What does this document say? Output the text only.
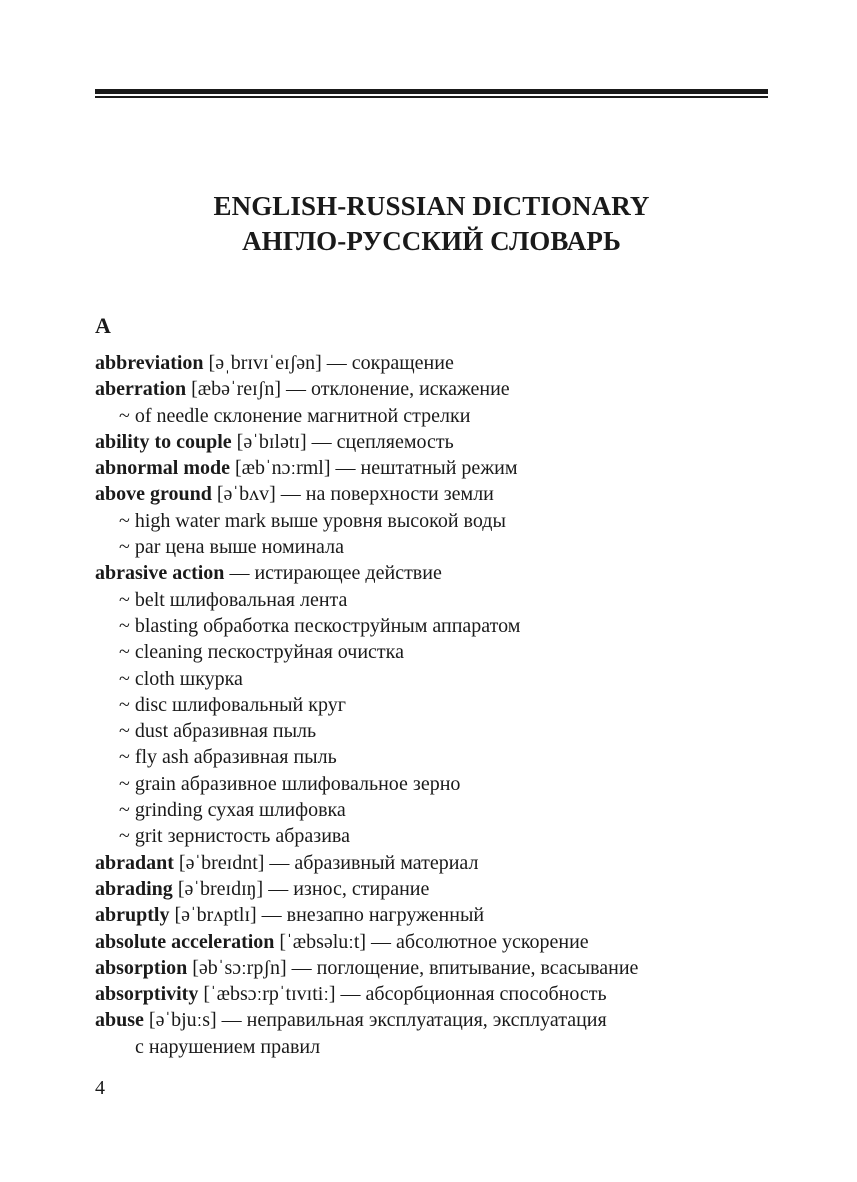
ENGLISH-RUSSIAN DICTIONARY
АНГЛО-РУССКИЙ СЛОВАРЬ
A
abbreviation [əˌbrɪvɪˈeɪʃən] — сокращение
aberration [æbəˈreɪʃn] — отклонение, искажение
~ of needle склонение магнитной стрелки
ability to couple [əˈbɪlətɪ] — сцепляемость
abnormal mode [æbˈnɔːrml] — нештатный режим
above ground [əˈbʌv] — на поверхности земли
~ high water mark выше уровня высокой воды
~ par цена выше номинала
abrasive action — истирающее действие
~ belt шлифовальная лента
~ blasting обработка пескоструйным аппаратом
~ cleaning пескоструйная очистка
~ cloth шкурка
~ disc шлифовальный круг
~ dust абразивная пыль
~ fly ash абразивная пыль
~ grain абразивное шлифовальное зерно
~ grinding сухая шлифовка
~ grit зернистость абразива
abradant [əˈbreɪdnt] — абразивный материал
abrading [əˈbreɪdɪŋ] — износ, стирание
abruptly [əˈbrʌptlɪ] — внезапно нагруженный
absolute acceleration [ˈæbsəluːt] — абсолютное ускорение
absorption [əbˈsɔːrpʃn] — поглощение, впитывание, всасывание
absorptivity [ˈæbsɔːrpˈtɪvɪtiː] — абсорбционная способность
abuse [əˈbjuːs] — неправильная эксплуатация, эксплуатация
с нарушением правил
4
